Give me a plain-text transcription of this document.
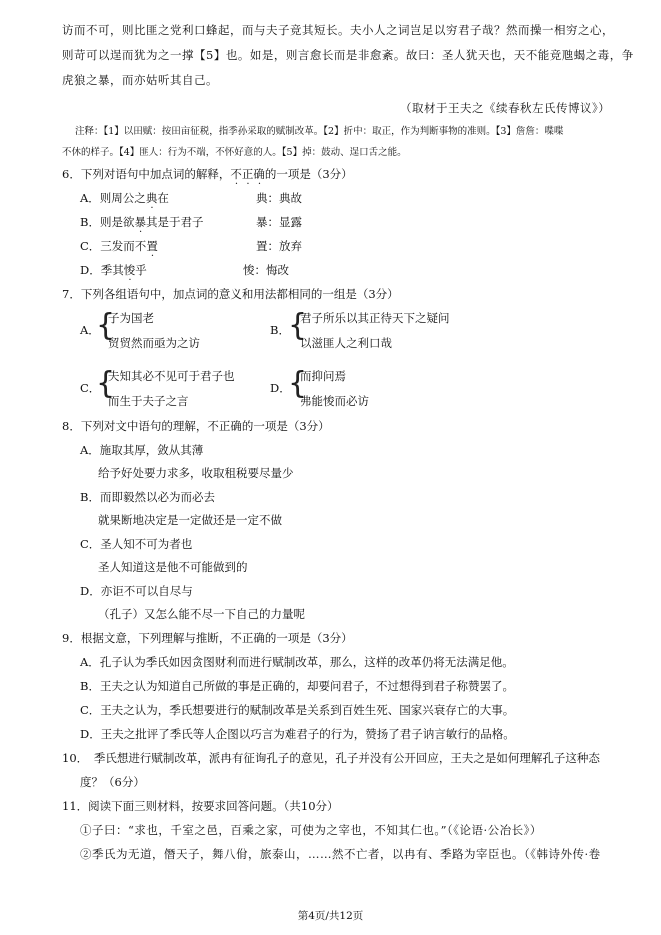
访而不可，则比匪之党利口蜂起，而与夫子竞其短长。夫小人之词岂足以穷君子哉？然而操一相穷之心，
则苛可以逞而犹为之一撑【5】也。如是，则言愈长而是非愈紊。故曰：圣人犹天也，天不能竞虺蝎之毒，争
虎狼之暴，而亦姑听其自己。
（取材于王夫之《续春秋左氏传博议》）
注释：【1】以田赋：按田亩征税，指季孙采取的赋制改革。【2】折中：取正，作为判断事物的准则。【3】詹詹：喋喋
不休的样子。【4】匪人：行为不端，不怀好意的人。【5】掉：鼓动、逞口舌之能。
6．下列对语句中加点词的解释，不正确的一项是（3分）
A．则周公之典在	典：典故
B．则是欲暴其是于君子	暴：显露
C．三发而不置	置：放弃
D．季其悛乎	悛：悔改
7．下列各组语句中，加点词的意义和用法都相同的一组是（3分）
A．
{
子为国老
贸贸然而亟为之访
B．
{
君子所乐以其正待天下之疑问
以滋匪人之利口哉
C．
{
夫知其必不见可于君子也
而生于夫子之言
D．
{
而抑问焉
弗能悛而必访
8．下列对文中语句的理解，不正确的一项是（3分）
A．施取其厚，敛从其薄
给予好处要力求多，收取租税要尽量少
B．而即毅然以必为而必去
就果断地决定是一定做还是一定不做
C．圣人知不可为者也
圣人知道这是他不可能做到的
D．亦讵不可以自尽与
（孔子）又怎么能不尽一下自己的力量呢
9．根据文意，下列理解与推断，不正确的一项是（3分）
A．孔子认为季氏如因贪图财利而进行赋制改革，那么，这样的改革仍将无法满足他。
B．王夫之认为知道自己所做的事是正确的，却要问君子，不过想得到君子称赞罢了。
C．王夫之认为，季氏想要进行的赋制改革是关系到百姓生死、国家兴衰存亡的大事。
D．王夫之批评了季氏等人企图以巧言为难君子的行为，赞扬了君子讷言敏行的品格。
10．　季氏想进行赋制改革，派冉有征询孔子的意见，孔子并没有公开回应，王夫之是如何理解孔子这种态
度？（6分）
11．阅读下面三则材料，按要求回答问题。（共10分）
①子曰：“求也，千室之邑，百乘之家，可使为之宰也，不知其仁也。”（《论语·公冶长》）
②季氏为无道，僭天子，舞八佾，旅泰山，……然不亡者，以冉有、季路为宰臣也。（《韩诗外传·卷
第4页/共12页
